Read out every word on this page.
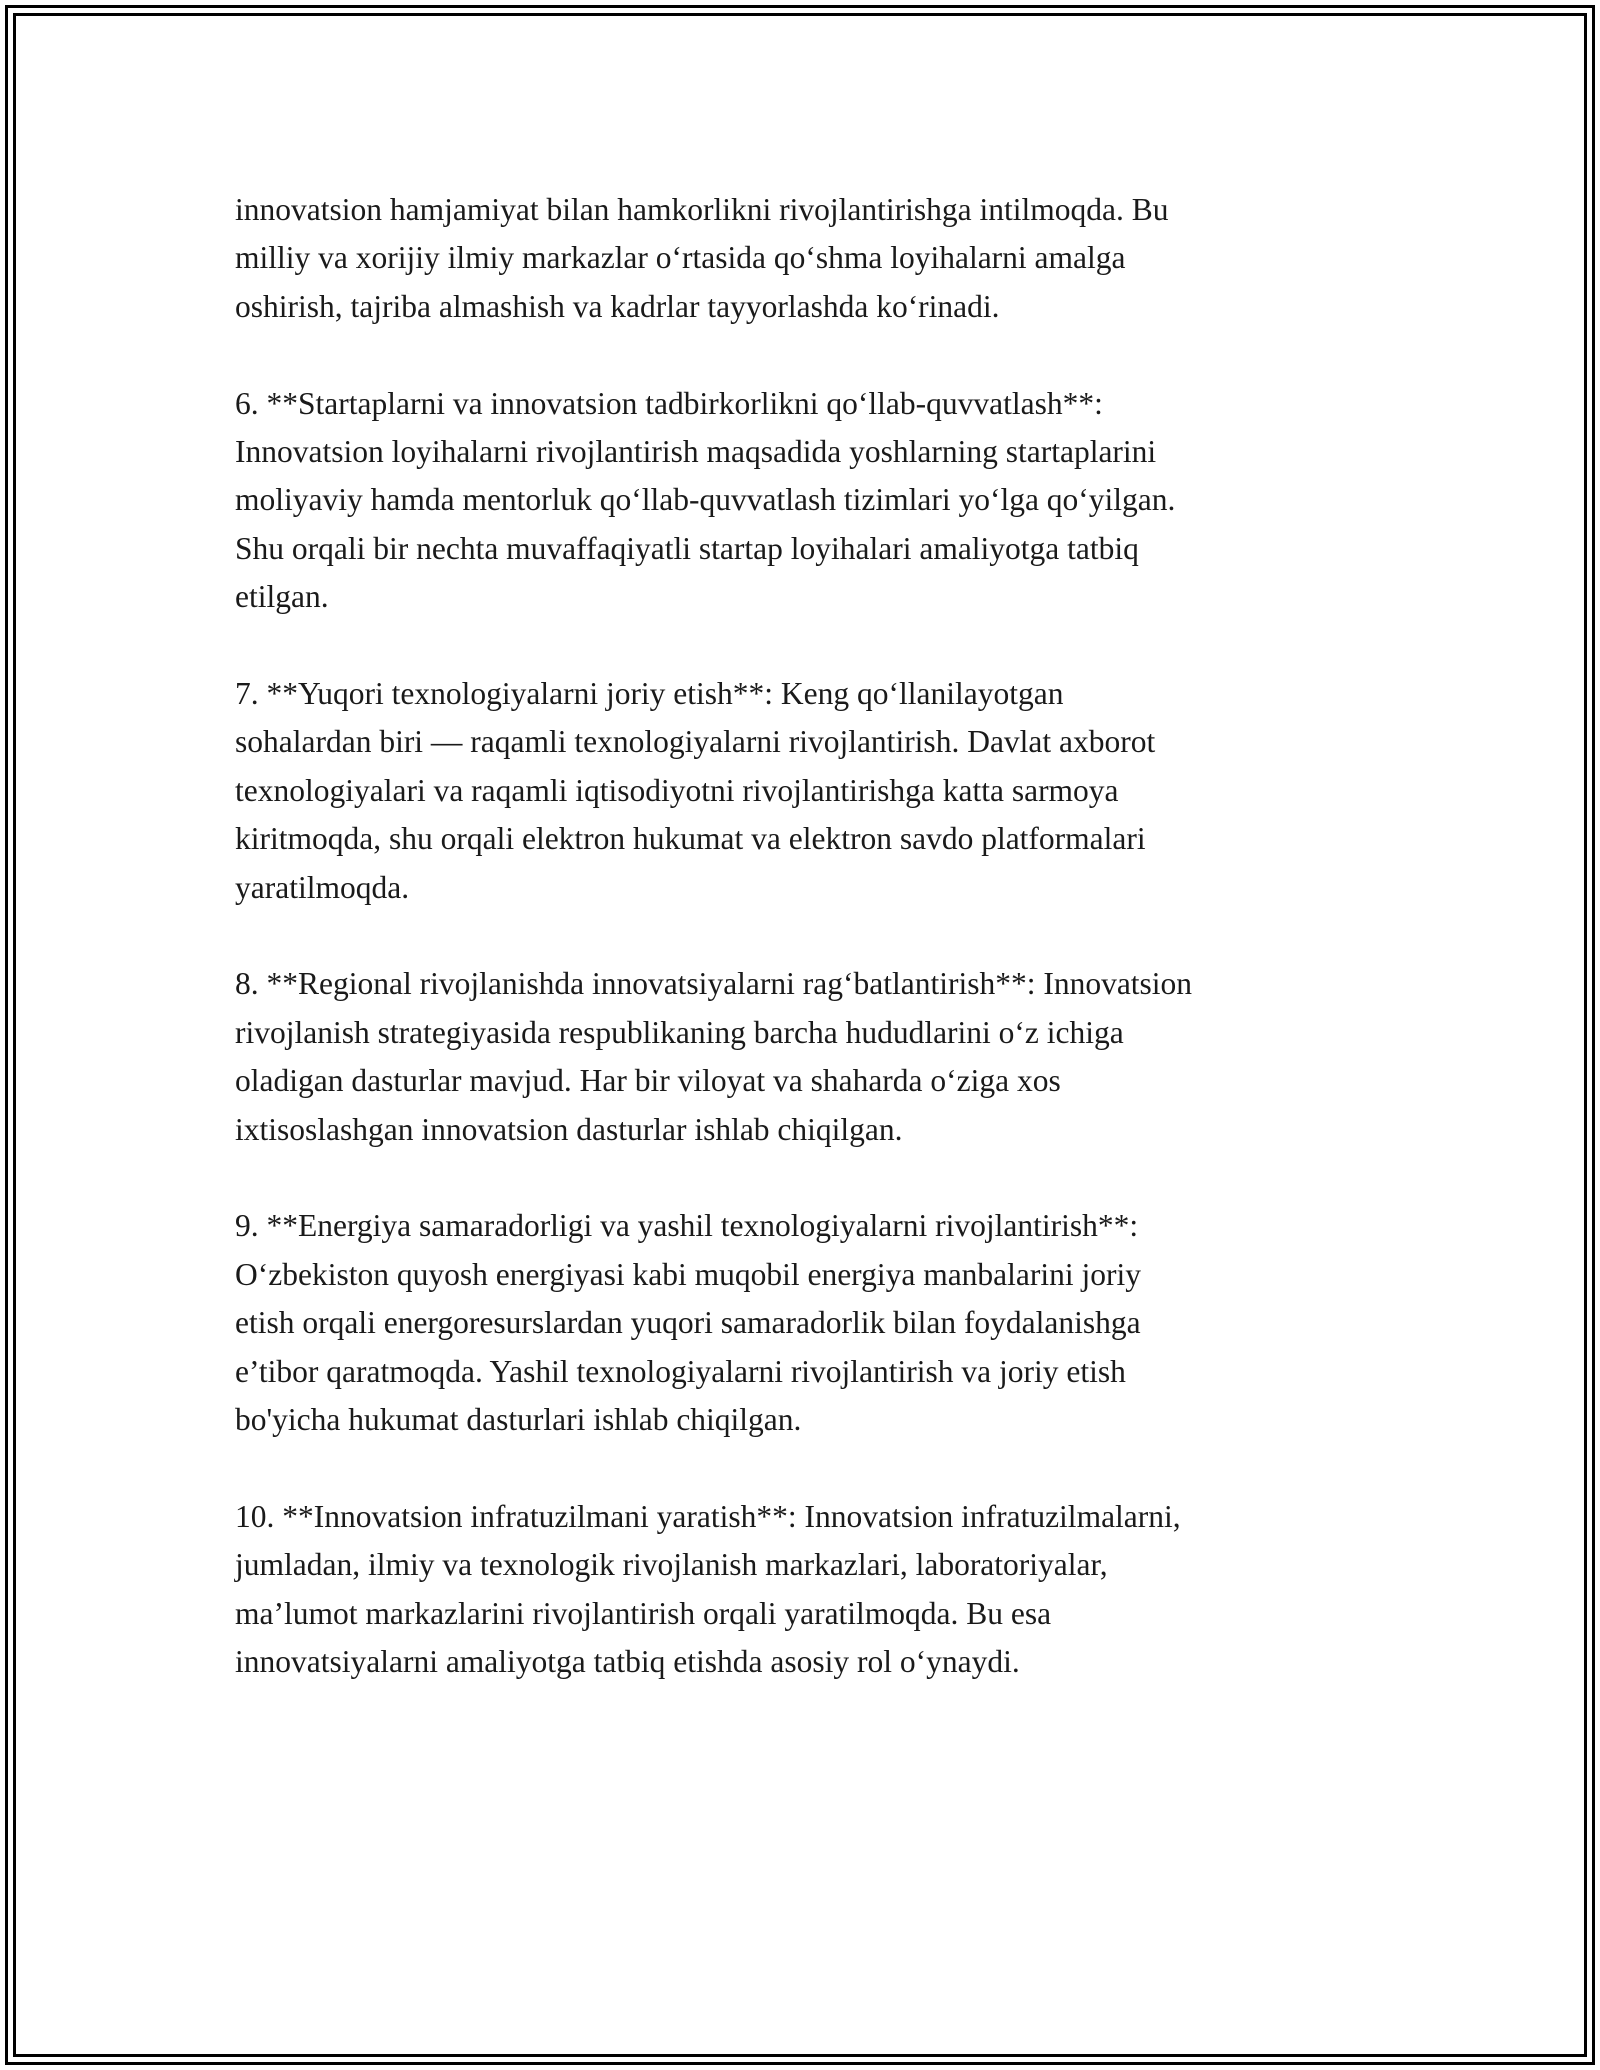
innovatsion hamjamiyat bilan hamkorlikni rivojlantirishga intilmoqda. Bu
milliy va xorijiy ilmiy markazlar o‘rtasida qo‘shma loyihalarni amalga
oshirish, tajriba almashish va kadrlar tayyorlashda ko‘rinadi.

6. **Startaplarni va innovatsion tadbirkorlikni qo‘llab-quvvatlash**:
Innovatsion loyihalarni rivojlantirish maqsadida yoshlarning startaplarini
moliyaviy hamda mentorluk qo‘llab-quvvatlash tizimlari yo‘lga qo‘yilgan.
Shu orqali bir nechta muvaffaqiyatli startap loyihalari amaliyotga tatbiq
etilgan.

7. **Yuqori texnologiyalarni joriy etish**: Keng qo‘llanilayotgan
sohalardan biri — raqamli texnologiyalarni rivojlantirish. Davlat axborot
texnologiyalari va raqamli iqtisodiyotni rivojlantirishga katta sarmoya
kiritmoqda, shu orqali elektron hukumat va elektron savdo platformalari
yaratilmoqda.

8. **Regional rivojlanishda innovatsiyalarni rag‘batlantirish**: Innovatsion
rivojlanish strategiyasida respublikaning barcha hududlarini o‘z ichiga
oladigan dasturlar mavjud. Har bir viloyat va shaharda o‘ziga xos
ixtisoslashgan innovatsion dasturlar ishlab chiqilgan.

9. **Energiya samaradorligi va yashil texnologiyalarni rivojlantirish**:
O‘zbekiston quyosh energiyasi kabi muqobil energiya manbalarini joriy
etish orqali energoresurslardan yuqori samaradorlik bilan foydalanishga
e’tibor qaratmoqda. Yashil texnologiyalarni rivojlantirish va joriy etish
bo'yicha hukumat dasturlari ishlab chiqilgan.

10. **Innovatsion infratuzilmani yaratish**: Innovatsion infratuzilmalarni,
jumladan, ilmiy va texnologik rivojlanish markazlari, laboratoriyalar,
ma’lumot markazlarini rivojlantirish orqali yaratilmoqda. Bu esa
innovatsiyalarni amaliyotga tatbiq etishda asosiy rol o‘ynaydi.
